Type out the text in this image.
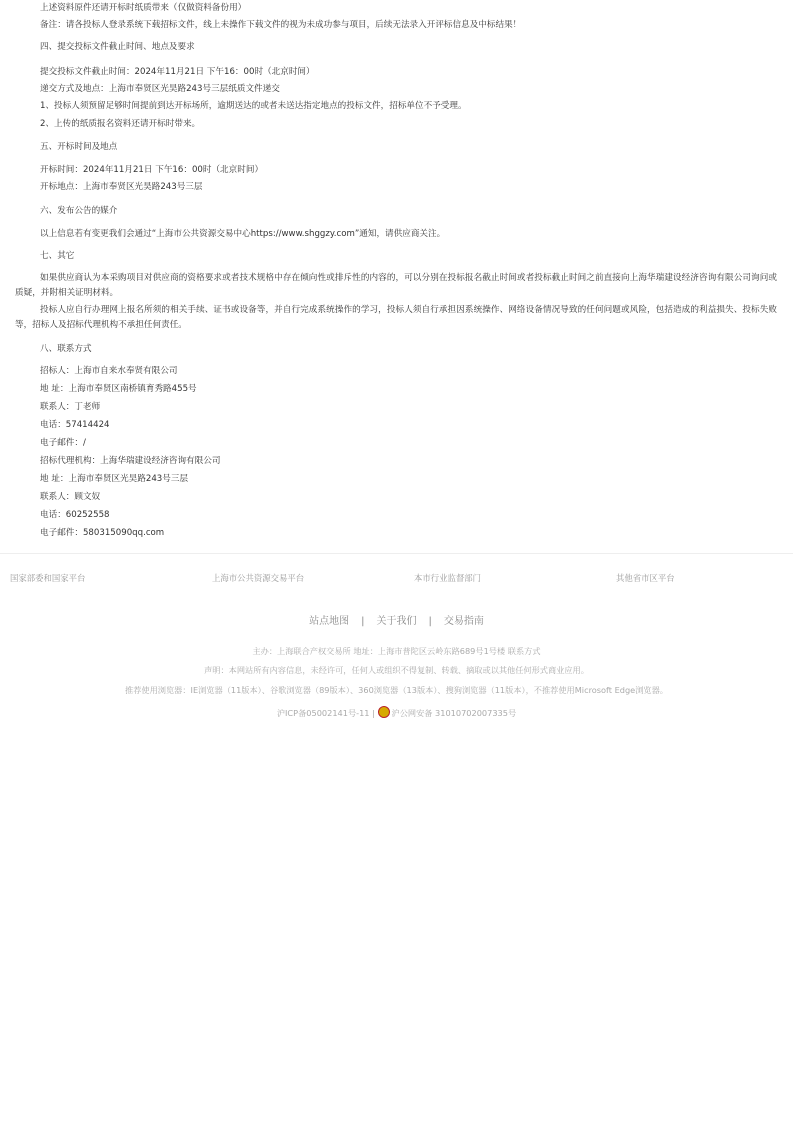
上述资料原件还请开标时纸质带来（仅做资料备份用）
备注：请各投标人登录系统下载招标文件，线上未操作下载文件的视为未成功参与项目，后续无法录入开评标信息及中标结果！
四、提交投标文件截止时间、地点及要求
提交投标文件截止时间：2024年11月21日 下午16：00时（北京时间）
递交方式及地点：上海市奉贤区光昊路243号三层纸质文件递交
1、投标人须预留足够时间提前到达开标场所，逾期送达的或者未送达指定地点的投标文件，招标单位不予受理。
2、上传的纸质报名资料还请开标时带来。
五、开标时间及地点
开标时间：2024年11月21日 下午16：00时（北京时间）
开标地点：上海市奉贤区光昊路243号三层
六、发布公告的媒介
以上信息若有变更我们会通过“上海市公共资源交易中心https://www.shggzy.com”通知，请供应商关注。
七、其它
如果供应商认为本采购项目对供应商的资格要求或者技术规格中存在倾向性或排斥性的内容的，可以分别在投标报名截止时间或者投标截止时间之前直接向上海华瑞建设经济咨询有限公司询问或质疑，并附相关证明材料。
投标人应自行办理网上报名所须的相关手续、证书或设备等，并自行完成系统操作的学习，投标人须自行承担因系统操作、网络设备情况导致的任何问题或风险，包括造成的利益损失、投标失败等，招标人及招标代理机构不承担任何责任。
八、联系方式
招标人：上海市自来水奉贤有限公司
地 址：上海市奉贤区南桥镇育秀路455号
联系人：丁老师
电话：57414424
电子邮件：/
招标代理机构：上海华瑞建设经济咨询有限公司
地 址：上海市奉贤区光昊路243号三层
联系人：顾文奴
电话：60252558
电子邮件：580315090qq.com
国家部委和国家平台	上海市公共资源交易平台	本市行业监督部门	其他省市区平台
站点地图 | 关于我们 | 交易指南
主办：上海联合产权交易所 地址：上海市普陀区云岭东路689号1号楼 联系方式
声明：本网站所有内容信息，未经许可，任何人或组织不得复制、转载、摘取或以其他任何形式商业应用。
推荐使用浏览器：IE浏览器（11版本）、谷歌浏览器（89版本）、360浏览器（13版本）、搜狗浏览器（11版本），不推荐使用Microsoft Edge浏览器。
沪ICP备05002141号-11 | 沪公网安备 31010702007335号
